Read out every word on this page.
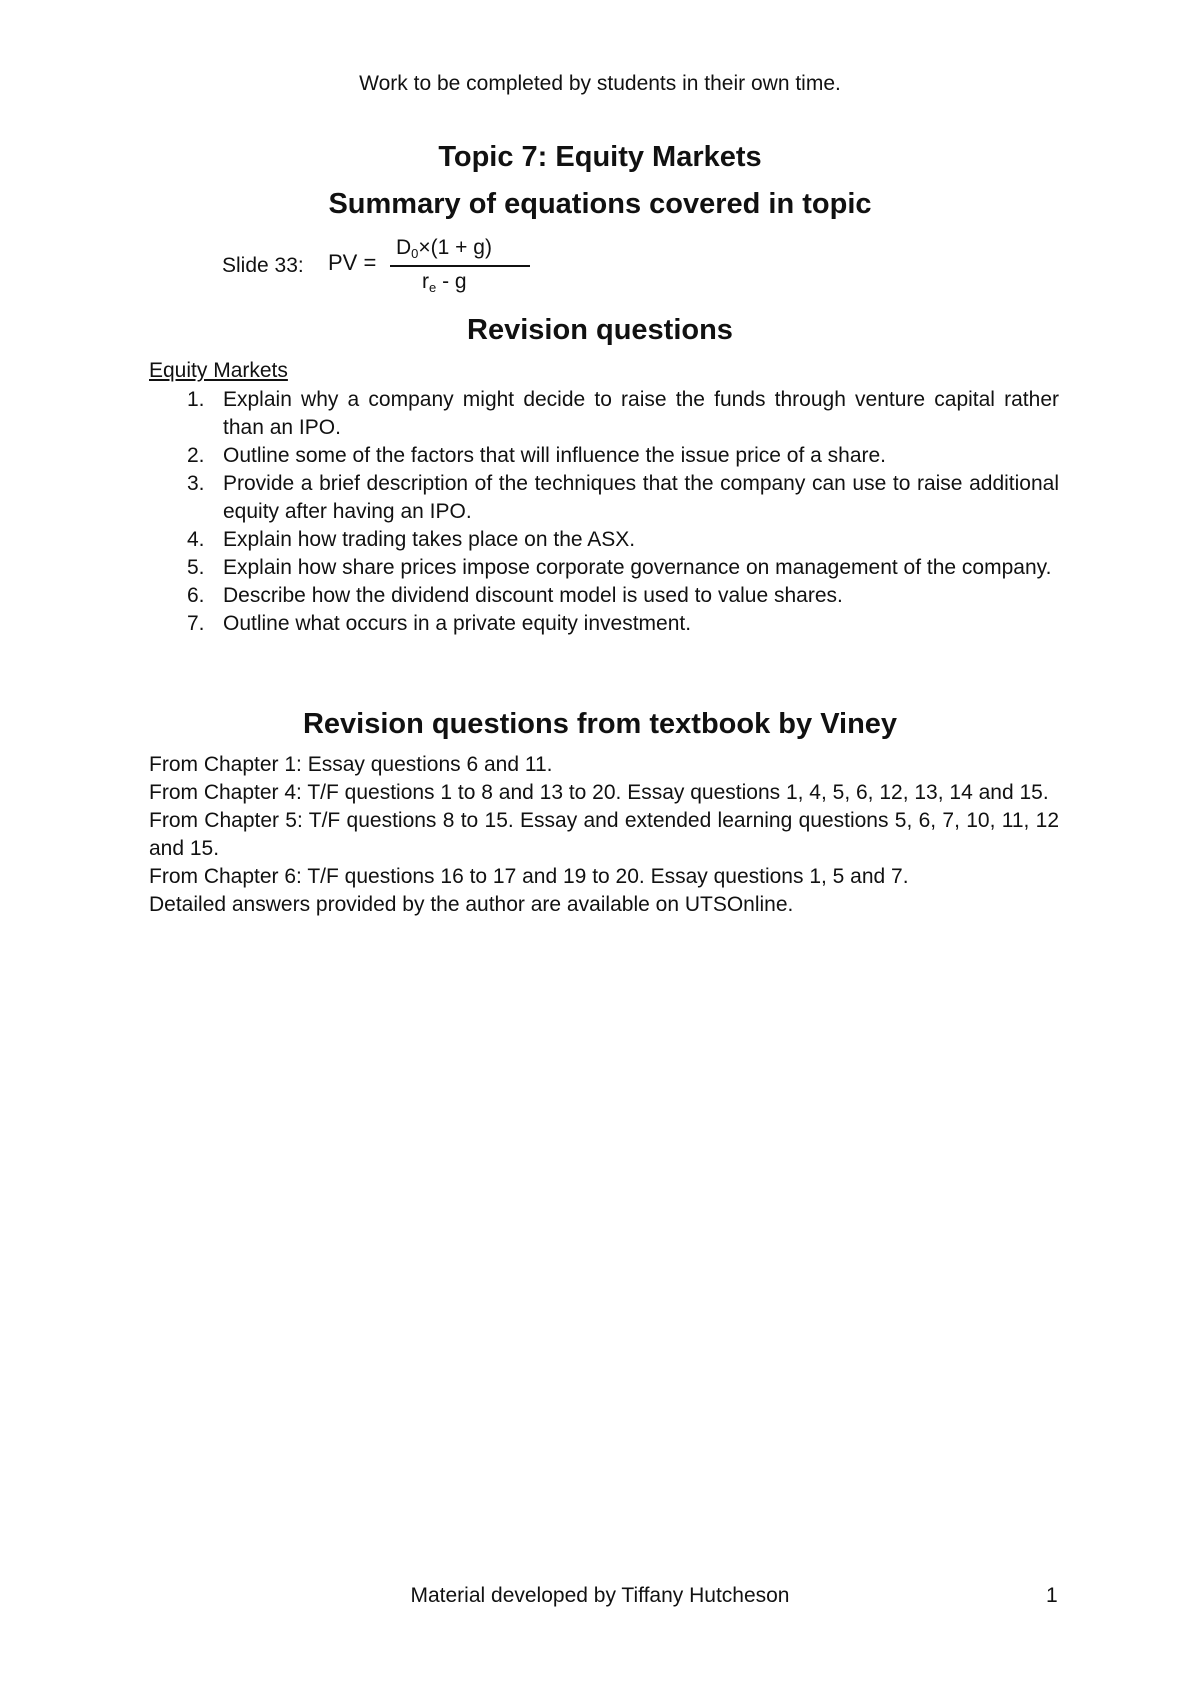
Work to be completed by students in their own time.
Topic 7: Equity Markets
Summary of equations covered in topic
Slide 33: PV =
$D_0\times(1 + g)$
$r_e$ - g
Revision questions
Equity Markets
1. Explain why a company might decide to raise the funds through venture capital rather than an IPO.
2. Outline some of the factors that will influence the issue price of a share.
3. Provide a brief description of the techniques that the company can use to raise additional equity after having an IPO.
4. Explain how trading takes place on the ASX.
5. Explain how share prices impose corporate governance on management of the company.
6. Describe how the dividend discount model is used to value shares.
7. Outline what occurs in a private equity investment.
Revision questions from textbook by Viney
From Chapter 1: Essay questions 6 and 11.
From Chapter 4: T/F questions 1 to 8 and 13 to 20. Essay questions 1, 4, 5, 6, 12, 13, 14 and 15.
From Chapter 5: T/F questions 8 to 15. Essay and extended learning questions 5, 6, 7, 10, 11, 12 and 15.
From Chapter 6: T/F questions 16 to 17 and 19 to 20. Essay questions 1, 5 and 7.
Detailed answers provided by the author are available on UTSOnline.
Material developed by Tiffany Hutcheson	1
